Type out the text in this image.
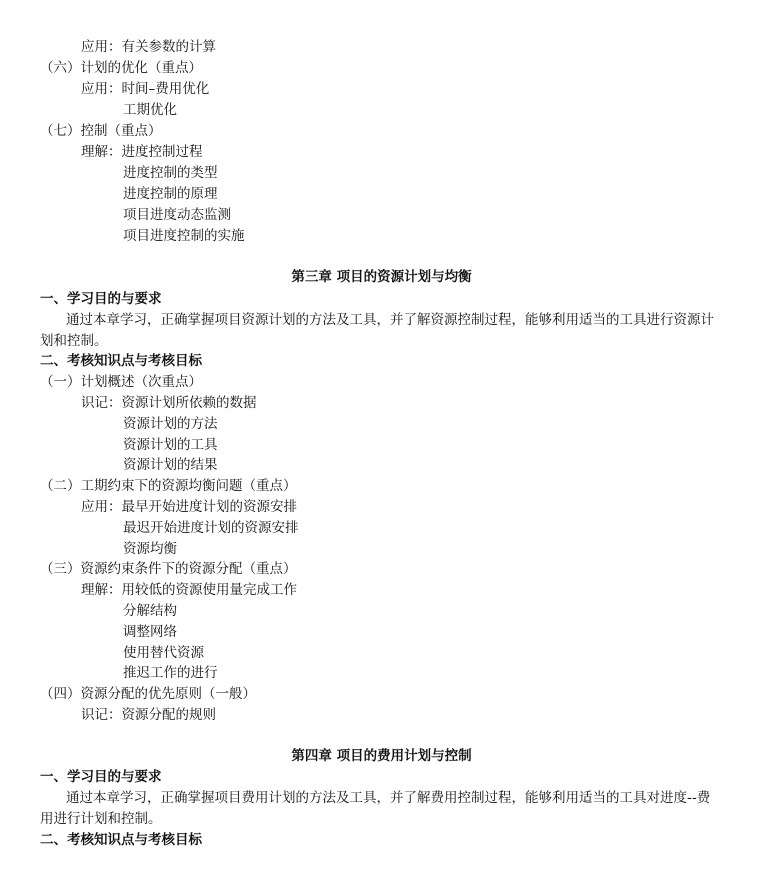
应用：有关参数的计算
（六）计划的优化（重点）
应用：时间–费用优化
工期优化
（七）控制（重点）
理解：进度控制过程
进度控制的类型
进度控制的原理
项目进度动态监测
项目进度控制的实施
第三章 项目的资源计划与均衡
一、学习目的与要求
通过本章学习，正确掌握项目资源计划的方法及工具，并了解资源控制过程，能够利用适当的工具进行资源计
划和控制。
二、考核知识点与考核目标
（一）计划概述（次重点）
识记：资源计划所依赖的数据
资源计划的方法
资源计划的工具
资源计划的结果
（二）工期约束下的资源均衡问题（重点）
应用：最早开始进度计划的资源安排
最迟开始进度计划的资源安排
资源均衡
（三）资源约束条件下的资源分配（重点）
理解：用较低的资源使用量完成工作
分解结构
调整网络
使用替代资源
推迟工作的进行
（四）资源分配的优先原则（一般）
识记：资源分配的规则
第四章 项目的费用计划与控制
一、学习目的与要求
通过本章学习，正确掌握项目费用计划的方法及工具，并了解费用控制过程，能够利用适当的工具对进度--费
用进行计划和控制。
二、考核知识点与考核目标
